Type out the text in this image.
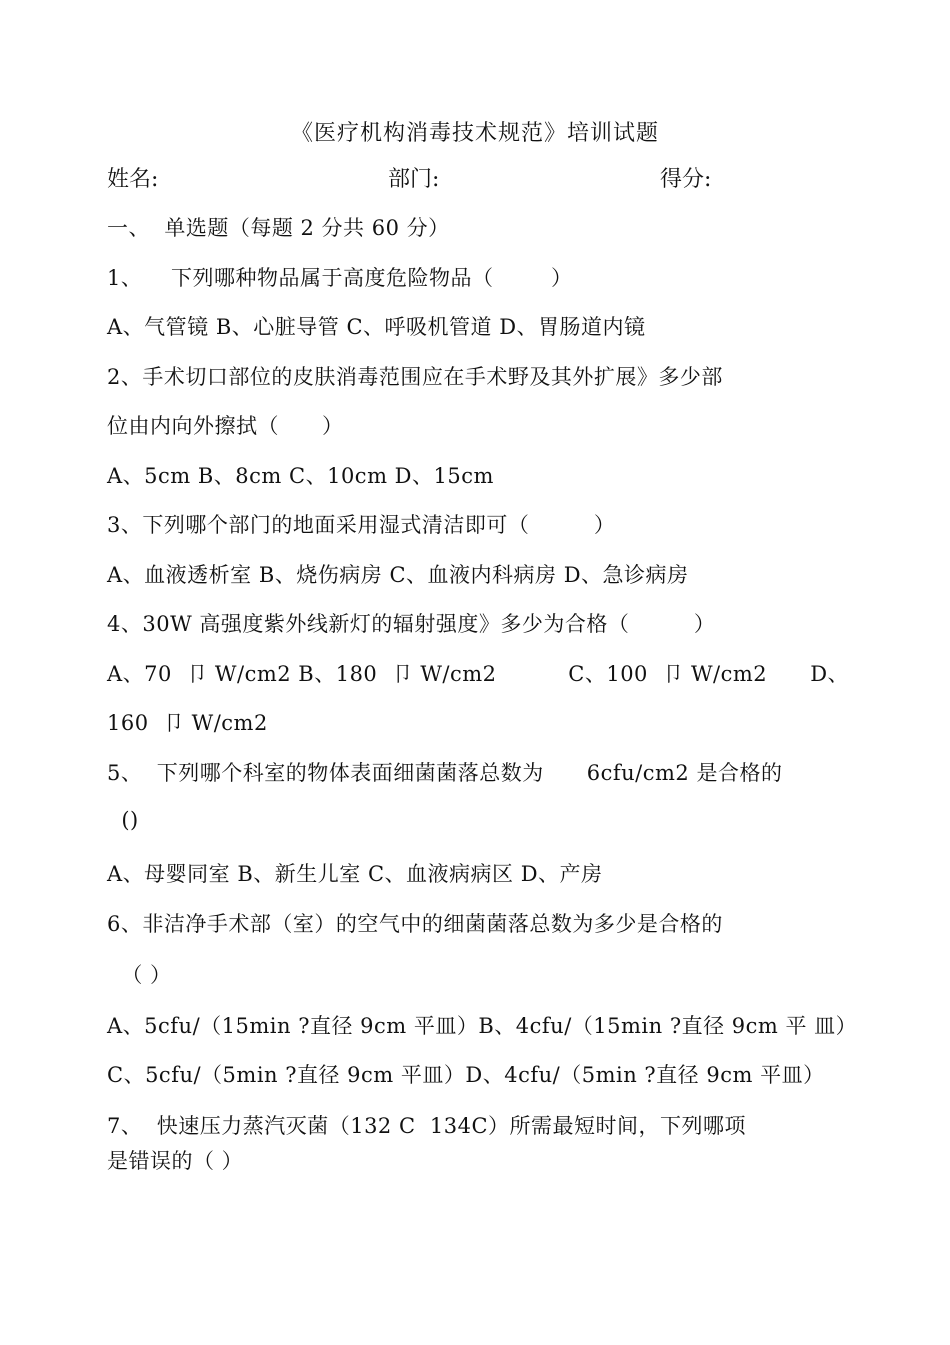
《医疗机构消毒技术规范》培训试题
姓名:	部门:	得分:
一、  单选题（每题 2 分共 60 分）
1、    下列哪种物品属于高度危险物品（        ）
A、气管镜 B、心脏导管 C、呼吸机管道 D、胃肠道内镜
2、手术切口部位的皮肤消毒范围应在手术野及其外扩展》多少部
位由内向外擦拭（      ）
A、5cm B、8cm C、10cm D、15cm
3、下列哪个部门的地面采用湿式清洁即可（         ）
A、血液透析室 B、烧伤病房 C、血液内科病房 D、急诊病房
4、30W 高强度紫外线新灯的辐射强度》多少为合格（         ）
A、70  卩 W/cm2 B、180  卩 W/cm2          C、100  卩 W/cm2      D、
160  卩 W/cm2
5、  下列哪个科室的物体表面细菌菌落总数为      6cfu/cm2 是合格的
()
A、母婴同室 B、新生儿室 C、血液病病区 D、产房
6、非洁净手术部（室）的空气中的细菌菌落总数为多少是合格的
（ ）
A、5cfu/（15min ?直径 9cm 平皿）B、4cfu/（15min ?直径 9cm 平 皿）
C、5cfu/（5min ?直径 9cm 平皿）D、4cfu/（5min ?直径 9cm 平皿）
7、  快速压力蒸汽灭菌（132 C  134C）所需最短时间，下列哪项
是错误的（ ）
